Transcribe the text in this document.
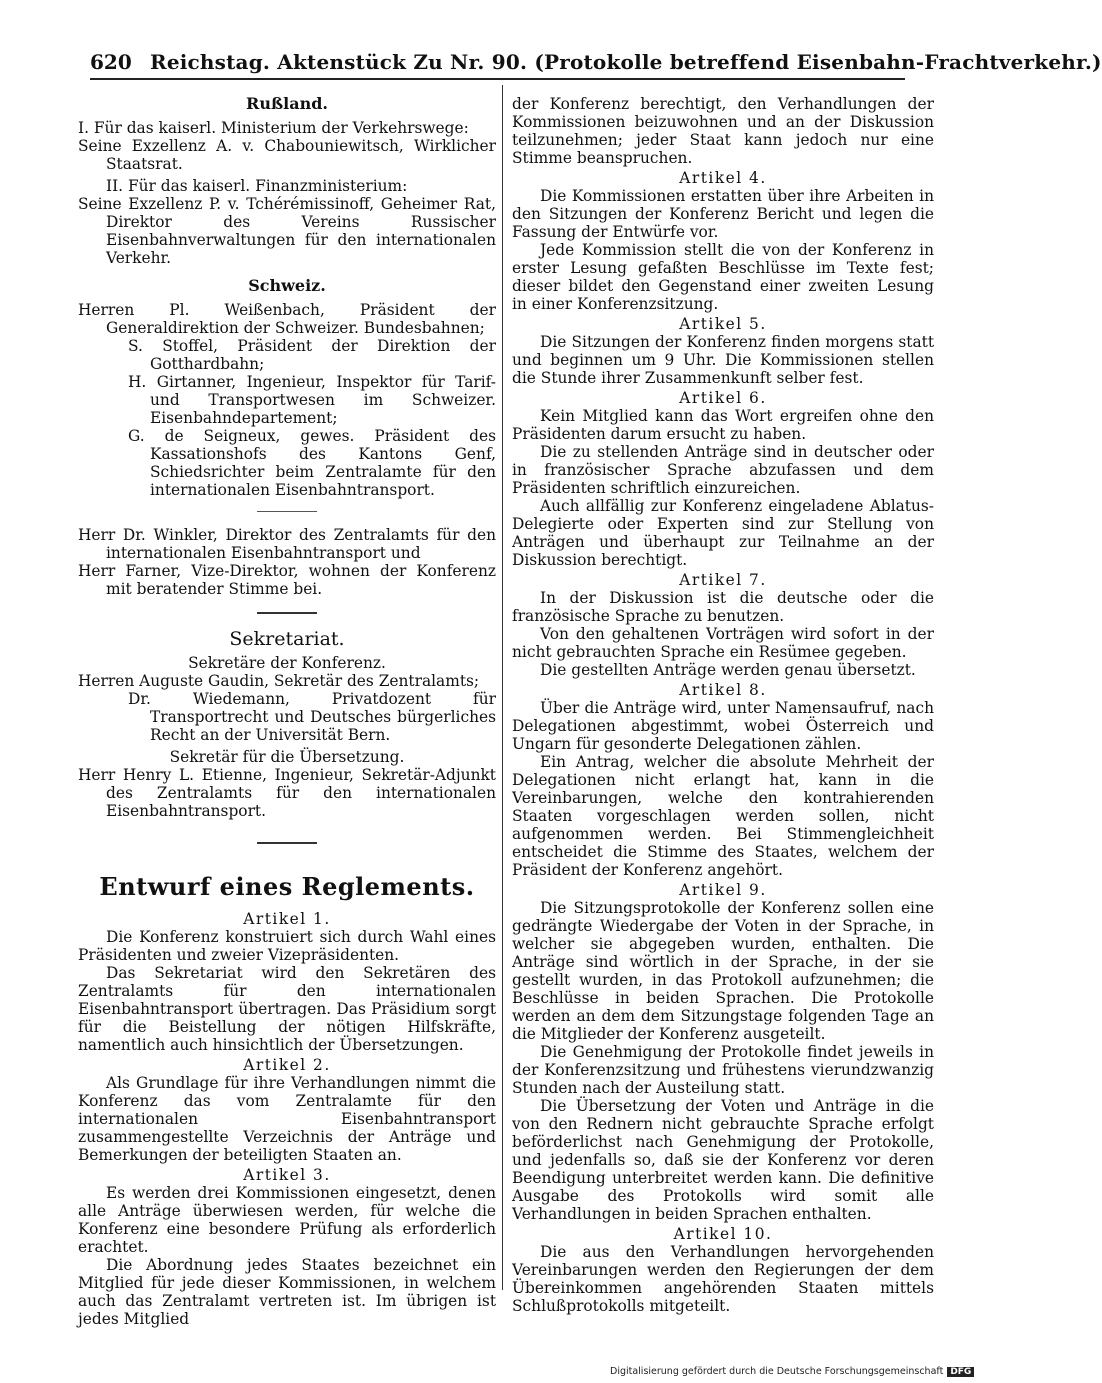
620 Reichstag. Aktenstück Zu Nr. 90. (Protokolle betreffend Eisenbahn-Frachtverkehr.)
Rußland.

I. Für das kaiserl. Ministerium der Verkehrswege:

Seine Exzellenz A. v. Chabouniewitsch, Wirklicher Staatsrat.

II. Für das kaiserl. Finanzministerium:

Seine Exzellenz P. v. Tchérémissinoff, Geheimer Rat, Direktor des Vereins Russischer Eisenbahnverwaltungen für den internationalen Verkehr.

Schweiz.

Herren Pl. Weißenbach, Präsident der Generaldirektion der Schweizer. Bundesbahnen;

S. Stoffel, Präsident der Direktion der Gotthardbahn;

H. Girtanner, Ingenieur, Inspektor für Tarif- und Transportwesen im Schweizer. Eisenbahndepartement;

G. de Seigneux, gewes. Präsident des Kassationshofs des Kantons Genf, Schiedsrichter beim Zentralamte für den internationalen Eisenbahntransport.

Herr Dr. Winkler, Direktor des Zentralamts für den internationalen Eisenbahntransport und

Herr Farner, Vize-Direktor, wohnen der Konferenz mit beratender Stimme bei.

Sekretariat.

Sekretäre der Konferenz.

Herren Auguste Gaudin, Sekretär des Zentralamts;

Dr. Wiedemann, Privatdozent für Transportrecht und Deutsches bürgerliches Recht an der Universität Bern.

Sekretär für die Übersetzung.

Herr Henry L. Etienne, Ingenieur, Sekretär-Adjunkt des Zentralamts für den internationalen Eisenbahntransport.

Entwurf eines Reglements.
Artikel 1.

Die Konferenz konstruiert sich durch Wahl eines Präsidenten und zweier Vizepräsidenten.

Das Sekretariat wird den Sekretären des Zentralamts für den internationalen Eisenbahntransport übertragen. Das Präsidium sorgt für die Beistellung der nötigen Hilfskräfte, namentlich auch hinsichtlich der Übersetzungen.

Artikel 2.

Als Grundlage für ihre Verhandlungen nimmt die Konferenz das vom Zentralamte für den internationalen Eisenbahntransport zusammengestellte Verzeichnis der Anträge und Bemerkungen der beteiligten Staaten an.

Artikel 3.

Es werden drei Kommissionen eingesetzt, denen alle Anträge überwiesen werden, für welche die Konferenz eine besondere Prüfung als erforderlich erachtet.

Die Abordnung jedes Staates bezeichnet ein Mitglied für jede dieser Kommissionen, in welchem auch das Zentralamt vertreten ist. Im übrigen ist jedes Mitglied

der Konferenz berechtigt, den Verhandlungen der Kommissionen beizuwohnen und an der Diskussion teilzunehmen; jeder Staat kann jedoch nur eine Stimme beanspruchen.

Artikel 4.

Die Kommissionen erstatten über ihre Arbeiten in den Sitzungen der Konferenz Bericht und legen die Fassung der Entwürfe vor.

Jede Kommission stellt die von der Konferenz in erster Lesung gefaßten Beschlüsse im Texte fest; dieser bildet den Gegenstand einer zweiten Lesung in einer Konferenzsitzung.

Artikel 5.

Die Sitzungen der Konferenz finden morgens statt und beginnen um 9 Uhr. Die Kommissionen stellen die Stunde ihrer Zusammenkunft selber fest.

Artikel 6.

Kein Mitglied kann das Wort ergreifen ohne den Präsidenten darum ersucht zu haben.

Die zu stellenden Anträge sind in deutscher oder in französischer Sprache abzufassen und dem Präsidenten schriftlich einzureichen.

Auch allfällig zur Konferenz eingeladene Ablatus-Delegierte oder Experten sind zur Stellung von Anträgen und überhaupt zur Teilnahme an der Diskussion berechtigt.

Artikel 7.

In der Diskussion ist die deutsche oder die französische Sprache zu benutzen.

Von den gehaltenen Vorträgen wird sofort in der nicht gebrauchten Sprache ein Resümee gegeben.

Die gestellten Anträge werden genau übersetzt.

Artikel 8.

Über die Anträge wird, unter Namensaufruf, nach Delegationen abgestimmt, wobei Österreich und Ungarn für gesonderte Delegationen zählen.

Ein Antrag, welcher die absolute Mehrheit der Delegationen nicht erlangt hat, kann in die Vereinbarungen, welche den kontrahierenden Staaten vorgeschlagen werden sollen, nicht aufgenommen werden. Bei Stimmengleichheit entscheidet die Stimme des Staates, welchem der Präsident der Konferenz angehört.

Artikel 9.

Die Sitzungsprotokolle der Konferenz sollen eine gedrängte Wiedergabe der Voten in der Sprache, in welcher sie abgegeben wurden, enthalten. Die Anträge sind wörtlich in der Sprache, in der sie gestellt wurden, in das Protokoll aufzunehmen; die Beschlüsse in beiden Sprachen. Die Protokolle werden an dem dem Sitzungstage folgenden Tage an die Mitglieder der Konferenz ausgeteilt.

Die Genehmigung der Protokolle findet jeweils in der Konferenzsitzung und frühestens vierundzwanzig Stunden nach der Austeilung statt.

Die Übersetzung der Voten und Anträge in die von den Rednern nicht gebrauchte Sprache erfolgt beförderlichst nach Genehmigung der Protokolle, und jedenfalls so, daß sie der Konferenz vor deren Beendigung unterbreitet werden kann. Die definitive Ausgabe des Protokolls wird somit alle Verhandlungen in beiden Sprachen enthalten.

Artikel 10.

Die aus den Verhandlungen hervorgehenden Vereinbarungen werden den Regierungen der dem Übereinkommen angehörenden Staaten mittels Schlußprotokolls mitgeteilt.

Digitalisierung gefördert durch die Deutsche Forschungsgemeinschaft DFG
